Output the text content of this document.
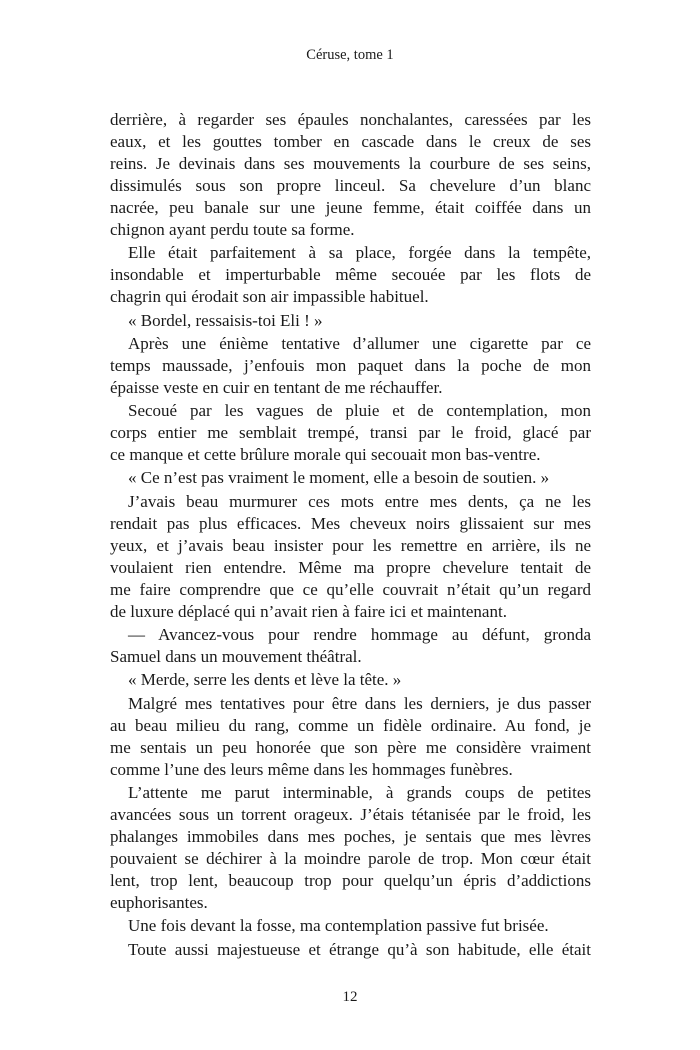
Céruse, tome 1
derrière, à regarder ses épaules nonchalantes, caressées par les
eaux, et les gouttes tomber en cascade dans le creux de ses
reins. Je devinais dans ses mouvements la courbure de ses seins,
dissimulés sous son propre linceul. Sa chevelure d’un blanc
nacrée, peu banale sur une jeune femme, était coiffée dans un
chignon ayant perdu toute sa forme.
Elle était parfaitement à sa place, forgée dans la tempête,
insondable et imperturbable même secouée par les flots de
chagrin qui érodait son air impassible habituel.
« Bordel, ressaisis-toi Eli ! »
Après une énième tentative d’allumer une cigarette par ce
temps maussade, j’enfouis mon paquet dans la poche de mon
épaisse veste en cuir en tentant de me réchauffer.
Secoué par les vagues de pluie et de contemplation, mon
corps entier me semblait trempé, transi par le froid, glacé par
ce manque et cette brûlure morale qui secouait mon bas-ventre.
« Ce n’est pas vraiment le moment, elle a besoin de soutien. »
J’avais beau murmurer ces mots entre mes dents, ça ne les
rendait pas plus efficaces. Mes cheveux noirs glissaient sur mes
yeux, et j’avais beau insister pour les remettre en arrière, ils ne
voulaient rien entendre. Même ma propre chevelure tentait de
me faire comprendre que ce qu’elle couvrait n’était qu’un regard
de luxure déplacé qui n’avait rien à faire ici et maintenant.
— Avancez-vous pour rendre hommage au défunt, gronda
Samuel dans un mouvement théâtral.
« Merde, serre les dents et lève la tête. »
Malgré mes tentatives pour être dans les derniers, je dus passer
au beau milieu du rang, comme un fidèle ordinaire. Au fond, je
me sentais un peu honorée que son père me considère vraiment
comme l’une des leurs même dans les hommages funèbres.
L’attente me parut interminable, à grands coups de petites
avancées sous un torrent orageux. J’étais tétanisée par le froid, les
phalanges immobiles dans mes poches, je sentais que mes lèvres
pouvaient se déchirer à la moindre parole de trop. Mon cœur était
lent, trop lent, beaucoup trop pour quelqu’un épris d’addictions
euphorisantes.
Une fois devant la fosse, ma contemplation passive fut brisée.
Toute aussi majestueuse et étrange qu’à son habitude, elle était
12
